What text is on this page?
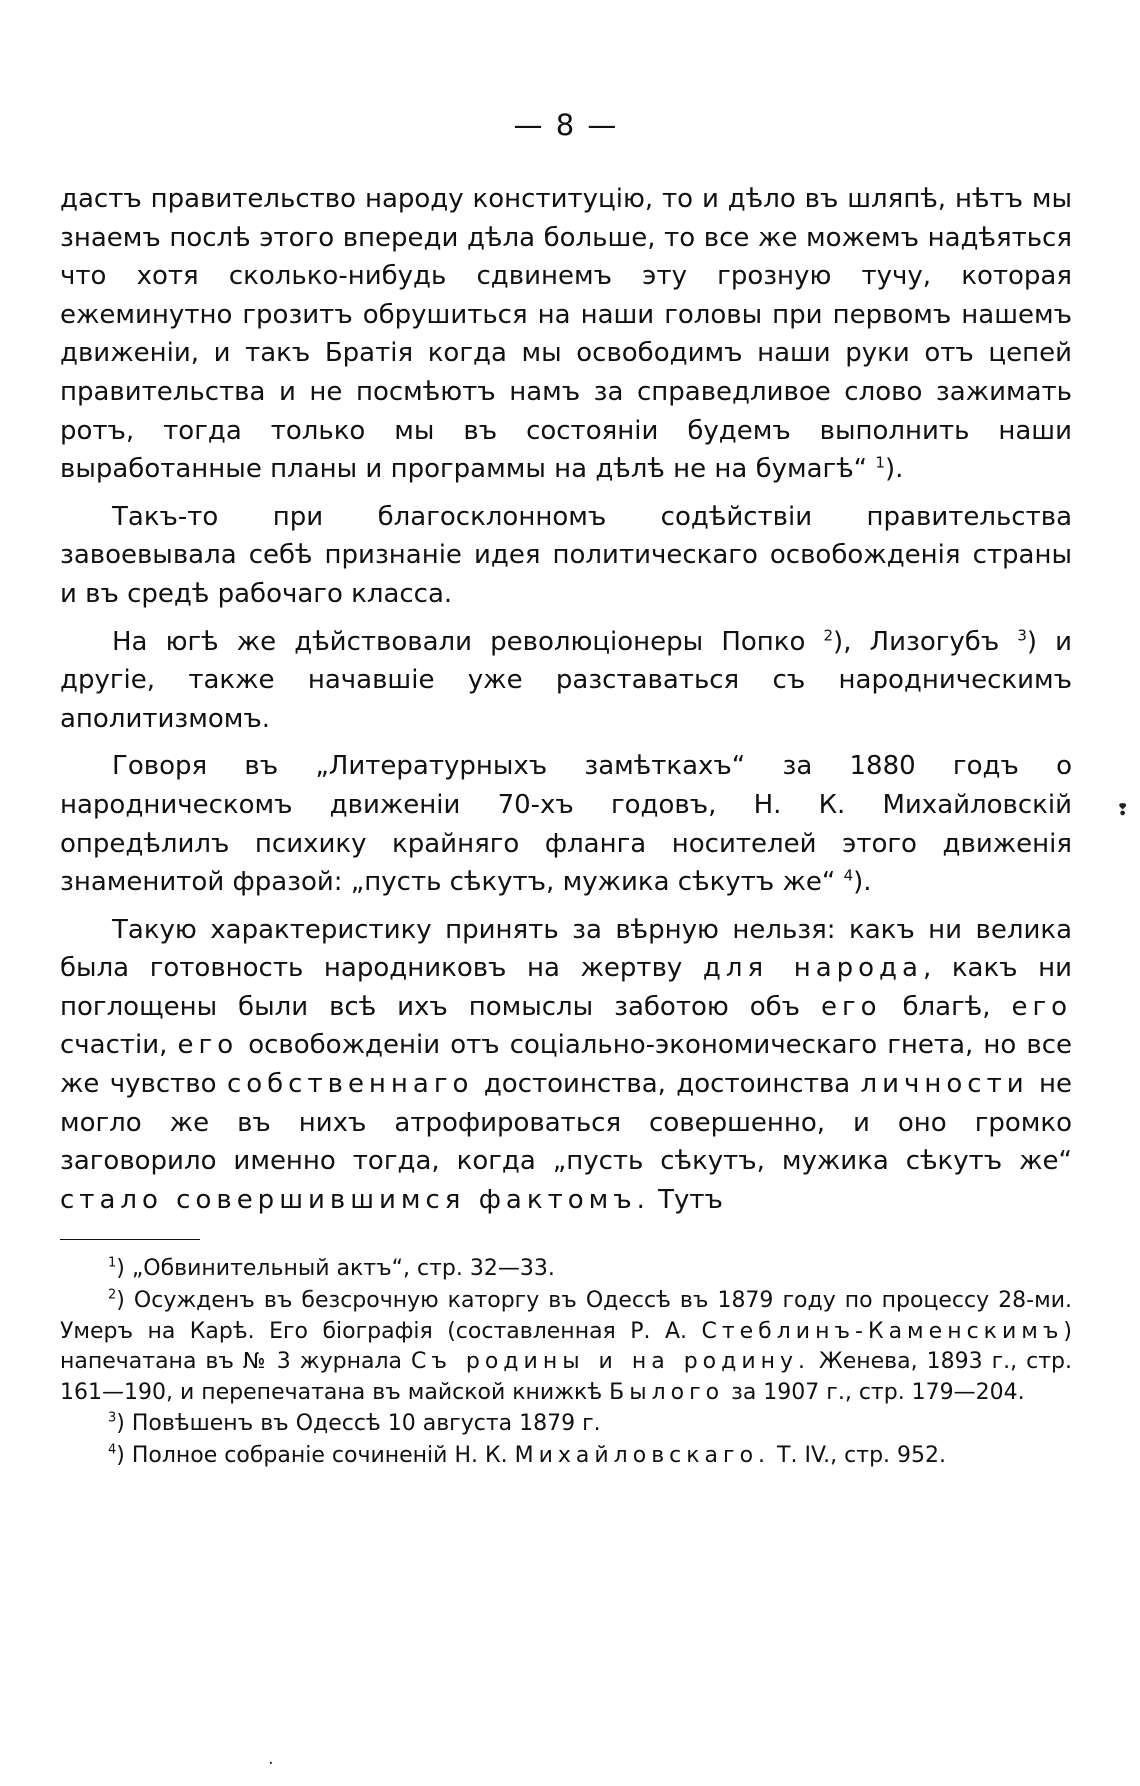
— 8 —

дастъ правительство народу конституцію, то и дѣло въ шляпѣ, нѣтъ мы знаемъ послѣ этого впереди дѣла больше, то все же можемъ надѣяться что хотя сколько-нибудь сдвинемъ эту грозную тучу, которая ежеминутно грозитъ обрушиться на наши головы при первомъ нашемъ движеніи, и такъ Братія когда мы освободимъ наши руки отъ цепей правительства и не посмѣютъ намъ за справедливое слово зажимать ротъ, тогда только мы въ состояніи будемъ выполнить наши выработанные планы и программы на дѣлѣ не на бумагѣ“ $^1$).

Такъ-то при благосклонномъ содѣйствіи правительства завоевывала себѣ признаніе идея политическаго освобожденія страны и въ средѣ рабочаго класса.

На югѣ же дѣйствовали революціонеры Попко $^2$), Лизогубъ $^3$) и другіе, также начавшіе уже разставаться съ народническимъ аполитизмомъ.

Говоря въ „Литературныхъ замѣткахъ“ за 1880 годъ о народническомъ движеніи 70-хъ годовъ, Н. К. Михайловскій опредѣлилъ психику крайняго фланга носителей этого движенія знаменитой фразой: „пусть сѣкутъ, мужика сѣкутъ же“ $^4$).

Такую характеристику принять за вѣрную нельзя: какъ ни велика была готовность народниковъ на жертву для народа, какъ ни поглощены были всѣ ихъ помыслы заботою объ его благѣ, его счастіи, его освобожденіи отъ соціально-экономическаго гнета, но все же чувство собственнаго достоинства, достоинства личности не могло же въ нихъ атрофироваться совершенно, и оно громко заговорило именно тогда, когда „пусть сѣкутъ, мужика сѣкутъ же“ стало совершившимся фактомъ. Тутъ

$^1$) „Обвинительный актъ“, стр. 32—33.

$^2$) Осужденъ въ безсрочную каторгу въ Одессѣ въ 1879 году по процессу 28-ми. Умеръ на Карѣ. Его біографія (составленная Р. А. Стеблинъ-Каменскимъ) напечатана въ № 3 журнала Съ родины и на родину. Женева, 1893 г., стр. 161—190, и перепечатана въ майской книжкѣ Былого за 1907 г., стр. 179—204.

$^3$) Повѣшенъ въ Одессѣ 10 августа 1879 г.

$^4$) Полное собраніе сочиненій Н. К. Михайловскаго. Т. IV., стр. 952.

❢
.
